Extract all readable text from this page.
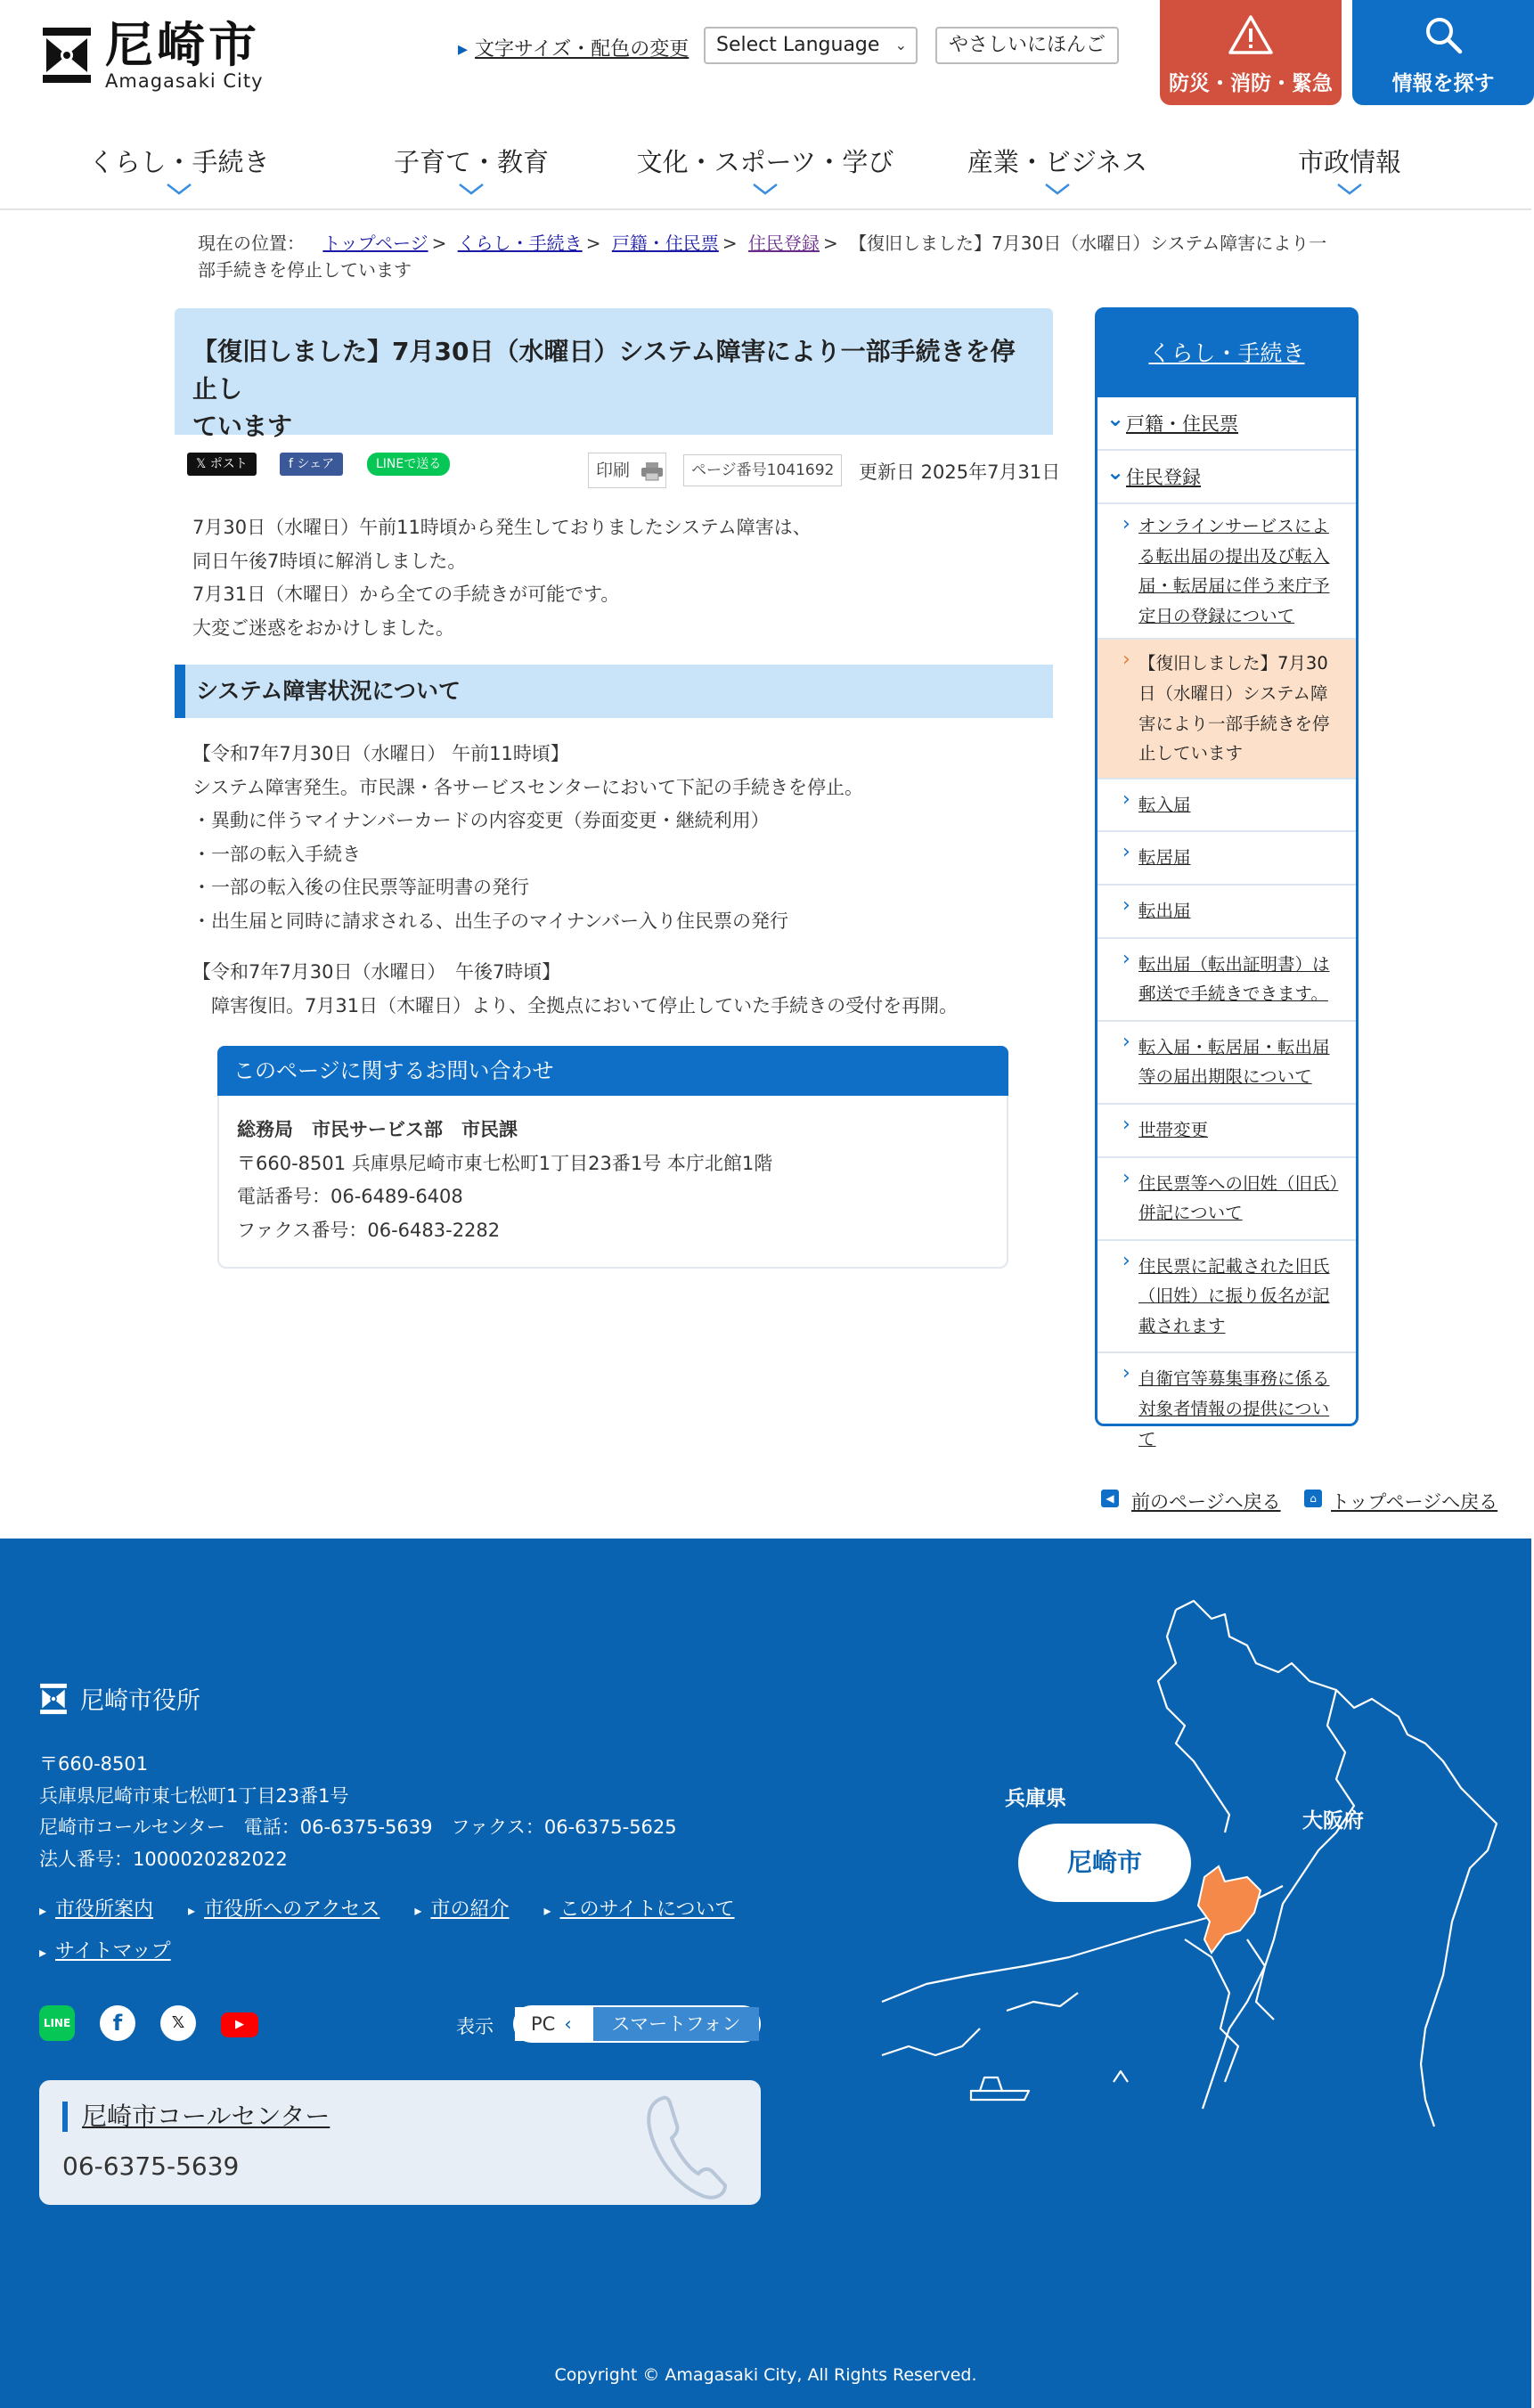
尼崎市
Amagasaki City
▸ 文字サイズ・配色の変更	Select Language ⌄	やさしいにほんご
防災・消防・緊急	情報を探す
くらし・手続き	子育て・教育	文化・スポーツ・学び	産業・ビジネス	市政情報
現在の位置： トップページ > くらし・手続き > 戸籍・住民票 > 住民登録 > 【復旧しました】7月30日（水曜日）システム障害により一部手続きを停止しています
【復旧しました】7月30日（水曜日）システム障害により一部手続きを停止し
ています
𝕏 ポスト	f シェア	LINEで送る	印刷	ページ番号1041692	更新日 2025年7月31日
7月30日（水曜日）午前11時頃から発生しておりましたシステム障害は、
同日午後7時頃に解消しました。
7月31日（木曜日）から全ての手続きが可能です。
大変ご迷惑をおかけしました。
システム障害状況について
【令和7年7月30日（水曜日） 午前11時頃】
システム障害発生。市民課・各サービスセンターにおいて下記の手続きを停止。
・異動に伴うマイナンバーカードの内容変更（券面変更・継続利用）
・一部の転入手続き
・一部の転入後の住民票等証明書の発行
・出生届と同時に請求される、出生子のマイナンバー入り住民票の発行
【令和7年7月30日（水曜日）　午後7時頃】
　障害復旧。7月31日（木曜日）より、全拠点において停止していた手続きの受付を再開。
このページに関するお問い合わせ
総務局　市民サービス部　市民課
〒660-8501 兵庫県尼崎市東七松町1丁目23番1号 本庁北館1階
電話番号：06-6489-6408
ファクス番号：06-6483-2282
くらし・手続き
⌄ 戸籍・住民票
⌄ 住民登録
› オンラインサービスによる転出届の提出及び転入届・転居届に伴う来庁予定日の登録について
› 【復旧しました】7月30日（水曜日）システム障害により一部手続きを停止しています
› 転入届
› 転居届
› 転出届
› 転出届（転出証明書）は郵送で手続きできます。
› 転入届・転居届・転出届等の届出期限について
› 世帯変更
› 住民票等への旧姓（旧氏）併記について
› 住民票に記載された旧氏（旧姓）に振り仮名が記載されます
› 自衛官等募集事務に係る対象者情報の提供について
◀ 前のページへ戻る	⌂ トップページへ戻る
尼崎市役所
〒660-8501
兵庫県尼崎市東七松町1丁目23番1号
尼崎市コールセンター　電話：06-6375-5639　ファクス：06-6375-5625
法人番号：1000020282022
▸ 市役所案内	▸ 市役所へのアクセス	▸ 市の紹介	▸ このサイトについて
▸ サイトマップ
LINE	f	𝕏	▶	表示	PC ‹	スマートフォン
尼崎市コールセンター
06-6375-5639
兵庫県
大阪府
尼崎市
Copyright © Amagasaki City, All Rights Reserved.
